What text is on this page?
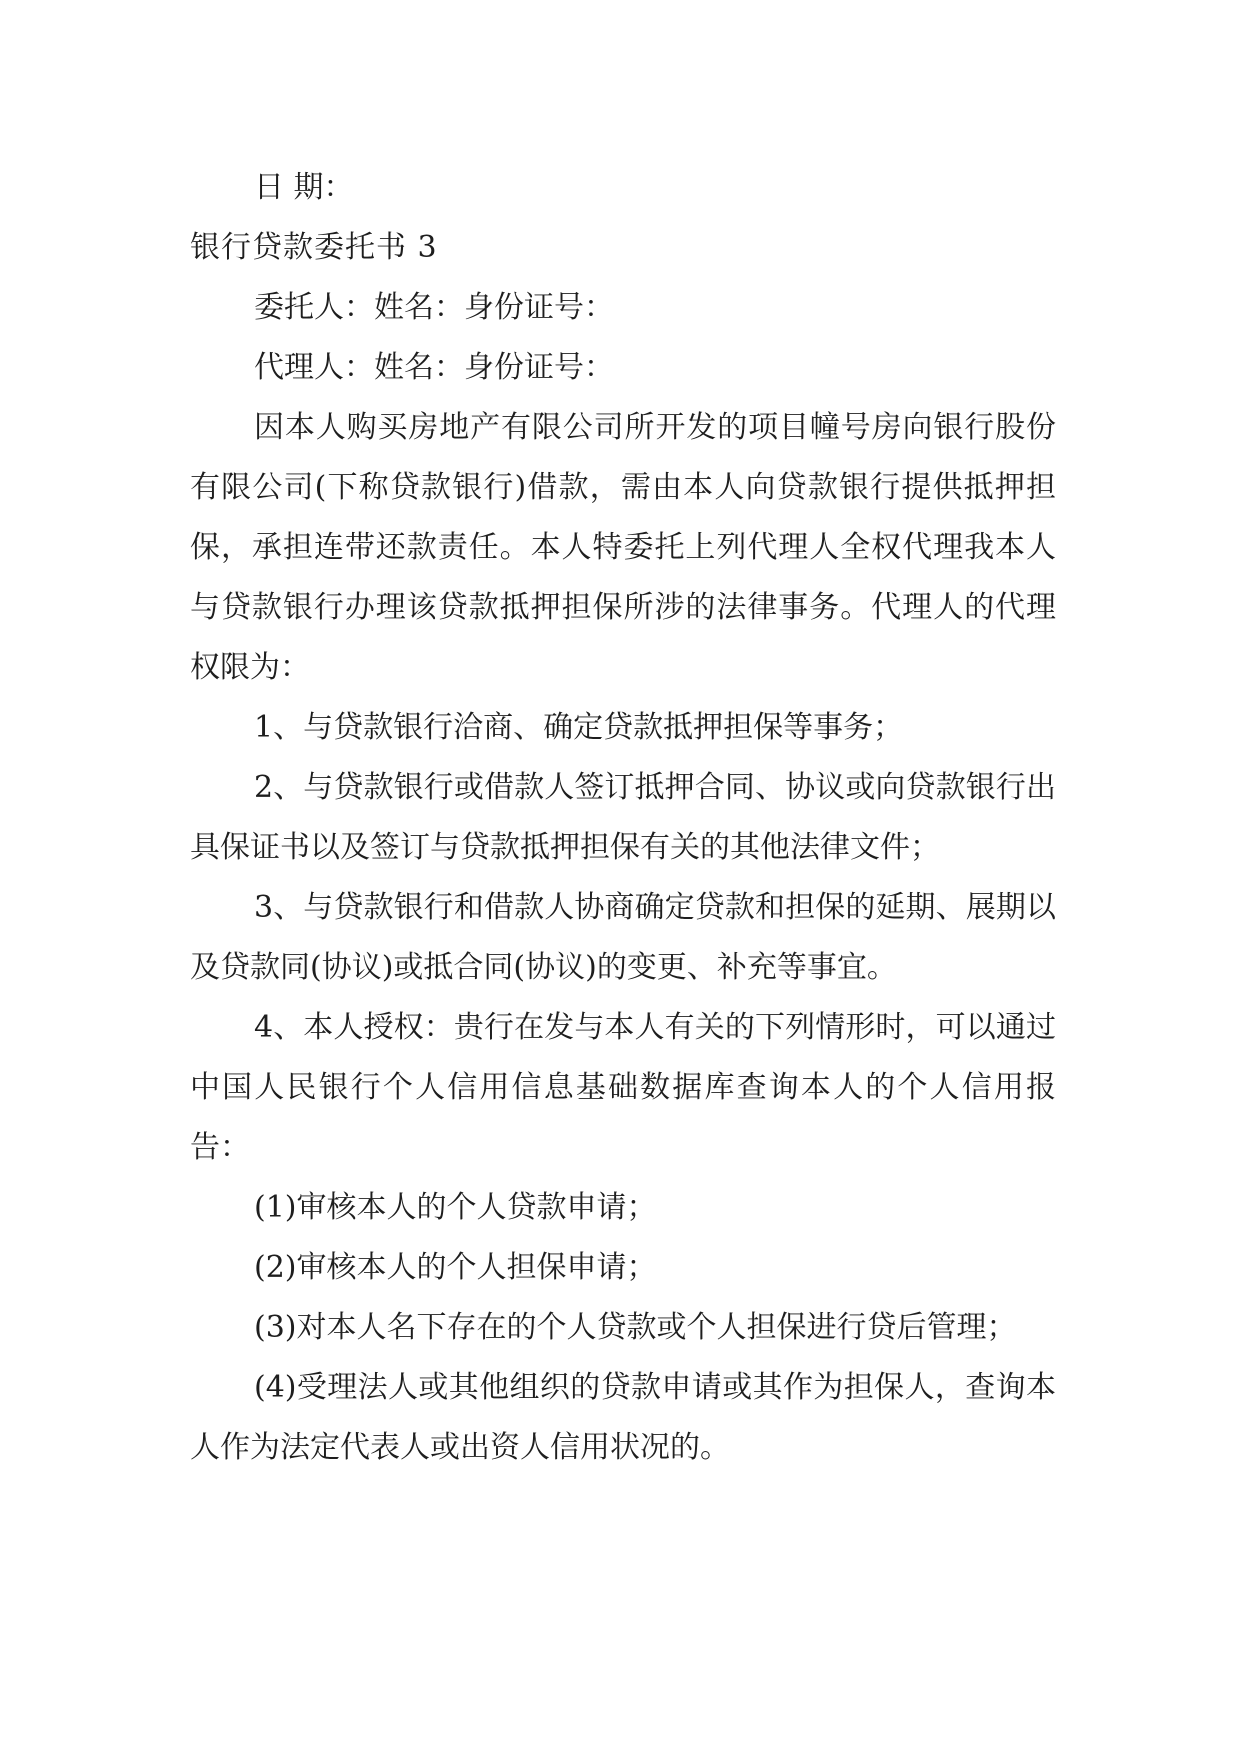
日 期：

银行贷款委托书 3

委托人：姓名：身份证号：

代理人：姓名：身份证号：

因本人购买房地产有限公司所开发的项目幢号房向银行股份有限公司(下称贷款银行)借款，需由本人向贷款银行提供抵押担保，承担连带还款责任。本人特委托上列代理人全权代理我本人与贷款银行办理该贷款抵押担保所涉的法律事务。代理人的代理权限为：

1、与贷款银行洽商、确定贷款抵押担保等事务；

2、与贷款银行或借款人签订抵押合同、协议或向贷款银行出具保证书以及签订与贷款抵押担保有关的其他法律文件；

3、与贷款银行和借款人协商确定贷款和担保的延期、展期以及贷款同(协议)或抵合同(协议)的变更、补充等事宜。

4、本人授权：贵行在发与本人有关的下列情形时，可以通过中国人民银行个人信用信息基础数据库查询本人的个人信用报告：

(1)审核本人的个人贷款申请；

(2)审核本人的个人担保申请；

(3)对本人名下存在的个人贷款或个人担保进行贷后管理；

(4)受理法人或其他组织的贷款申请或其作为担保人，查询本人作为法定代表人或出资人信用状况的。
